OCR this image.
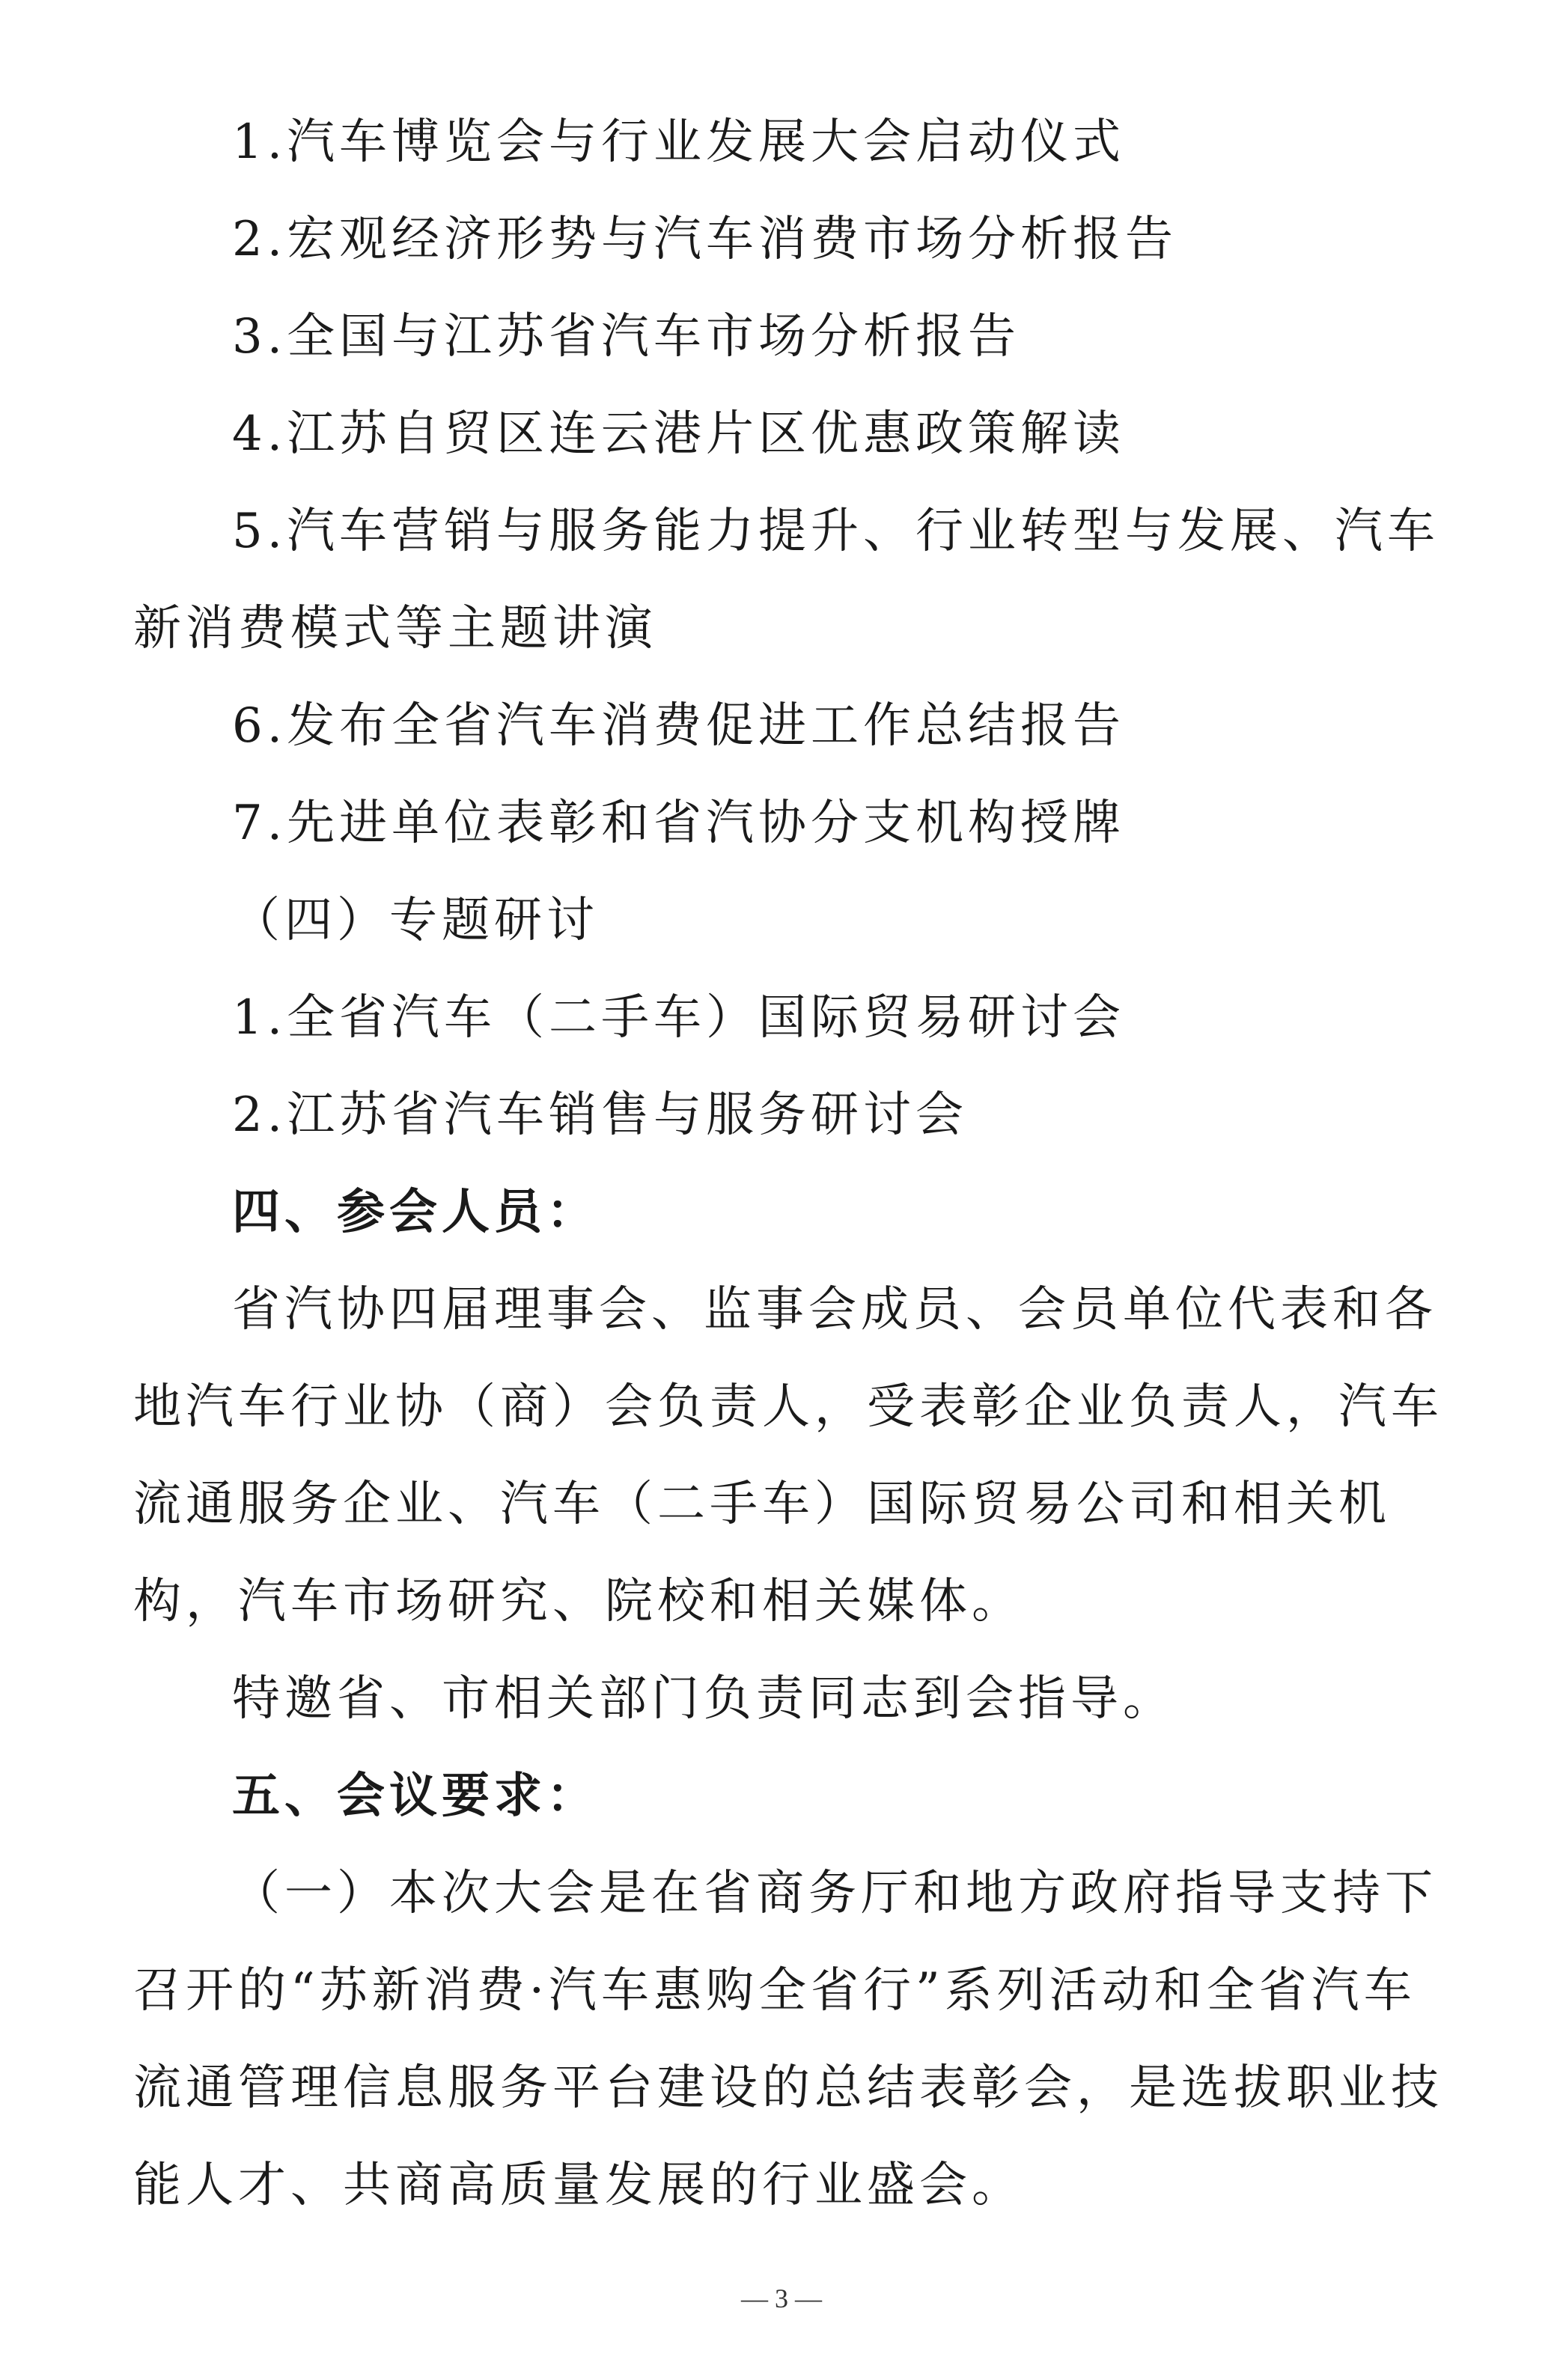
1.汽车博览会与行业发展大会启动仪式

2.宏观经济形势与汽车消费市场分析报告

3.全国与江苏省汽车市场分析报告

4.江苏自贸区连云港片区优惠政策解读

5.汽车营销与服务能力提升、行业转型与发展、汽车新消费模式等主题讲演

6.发布全省汽车消费促进工作总结报告

7.先进单位表彰和省汽协分支机构授牌

（四）专题研讨

1.全省汽车（二手车）国际贸易研讨会

2.江苏省汽车销售与服务研讨会

四、参会人员：

省汽协四届理事会、监事会成员、会员单位代表和各地汽车行业协（商）会负责人，受表彰企业负责人，汽车流通服务企业、汽车（二手车）国际贸易公司和相关机构，汽车市场研究、院校和相关媒体。

特邀省、市相关部门负责同志到会指导。

五、会议要求：

（一）本次大会是在省商务厅和地方政府指导支持下召开的“苏新消费·汽车惠购全省行”系列活动和全省汽车流通管理信息服务平台建设的总结表彰会，是选拔职业技能人才、共商高质量发展的行业盛会。

— 3 —
